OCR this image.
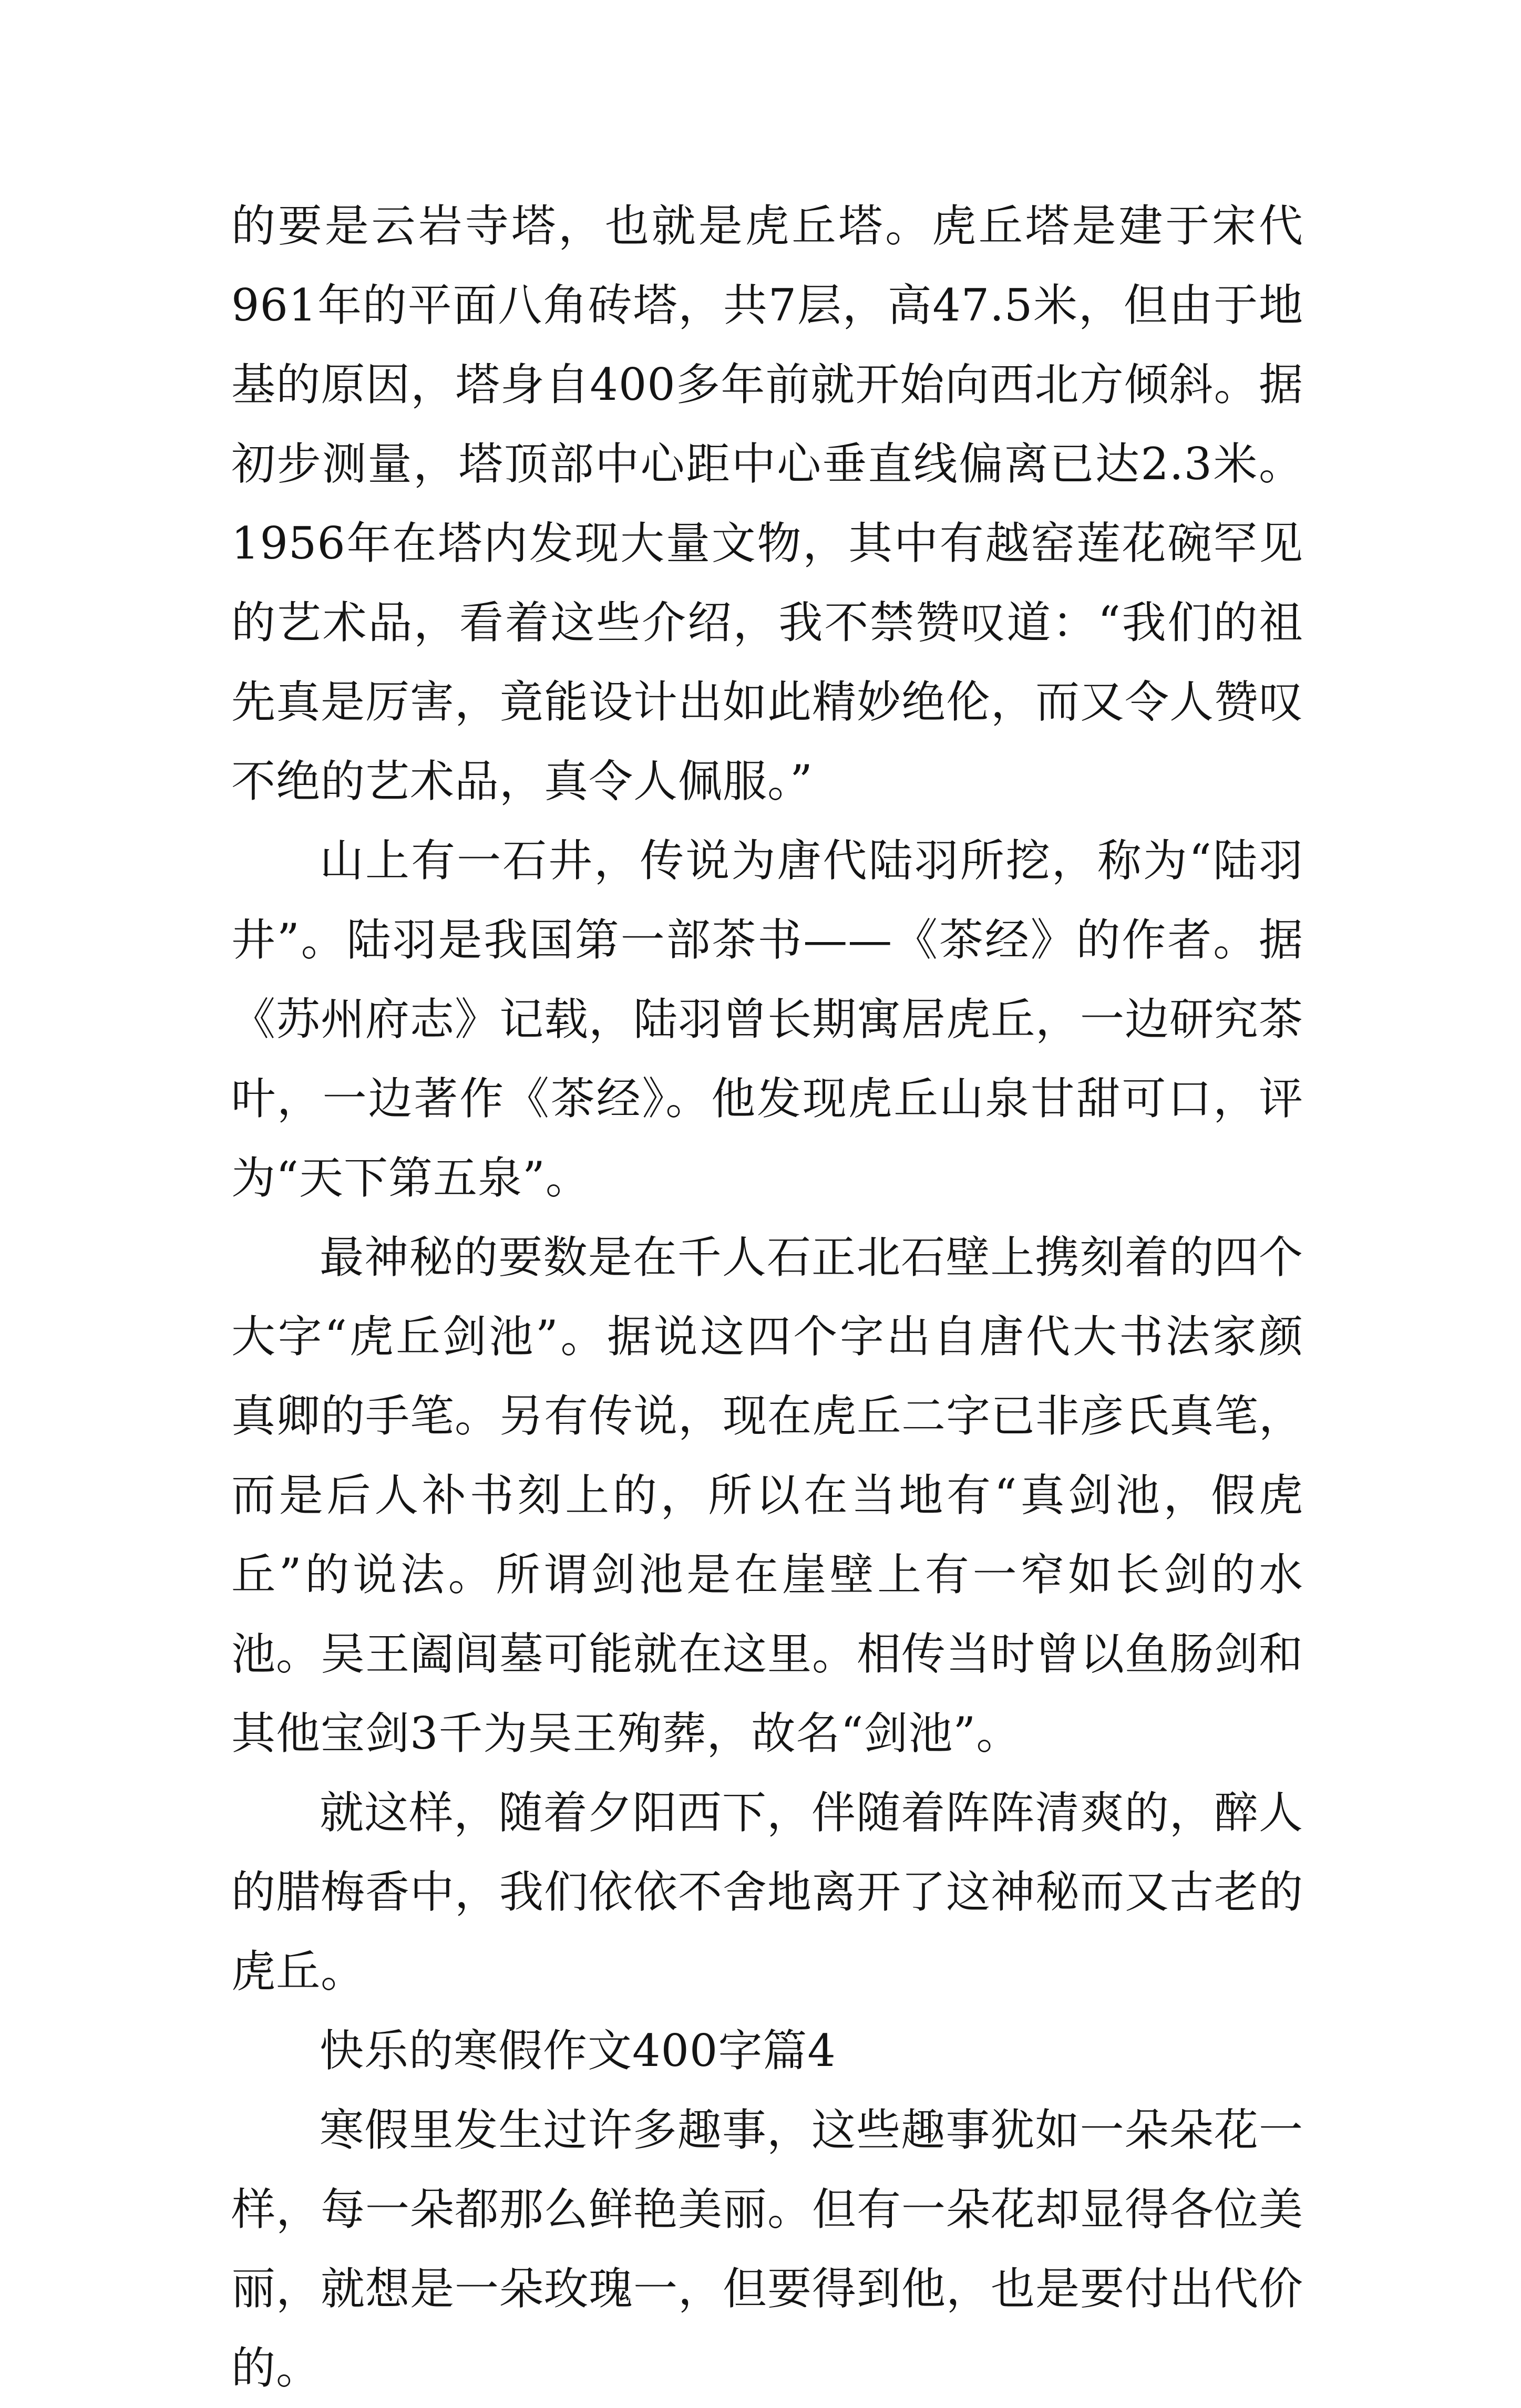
的要是云岩寺塔，也就是虎丘塔。虎丘塔是建于宋代961年的平面八角砖塔，共7层，高47.5米，但由于地基的原因，塔身自400多年前就开始向西北方倾斜。据初步测量，塔顶部中心距中心垂直线偏离已达2.3米。1956年在塔内发现大量文物，其中有越窑莲花碗罕见的艺术品，看着这些介绍，我不禁赞叹道：“我们的祖先真是厉害，竟能设计出如此精妙绝伦，而又令人赞叹不绝的艺术品，真令人佩服。”

山上有一石井，传说为唐代陆羽所挖，称为“陆羽井”。陆羽是我国第一部茶书——《茶经》的作者。据《苏州府志》记载，陆羽曾长期寓居虎丘，一边研究茶叶，一边著作《茶经》。他发现虎丘山泉甘甜可口，评为“天下第五泉”。

最神秘的要数是在千人石正北石壁上携刻着的四个大字“虎丘剑池”。据说这四个字出自唐代大书法家颜真卿的手笔。另有传说，现在虎丘二字已非彦氏真笔，而是后人补书刻上的，所以在当地有“真剑池，假虎丘”的说法。所谓剑池是在崖壁上有一窄如长剑的水池。吴王阖闾墓可能就在这里。相传当时曾以鱼肠剑和其他宝剑3千为吴王殉葬，故名“剑池”。

就这样，随着夕阳西下，伴随着阵阵清爽的，醉人的腊梅香中，我们依依不舍地离开了这神秘而又古老的虎丘。

快乐的寒假作文400字篇4

寒假里发生过许多趣事，这些趣事犹如一朵朵花一样，每一朵都那么鲜艳美丽。但有一朵花却显得各位美丽，就想是一朵玫瑰一，但要得到他，也是要付出代价的。
